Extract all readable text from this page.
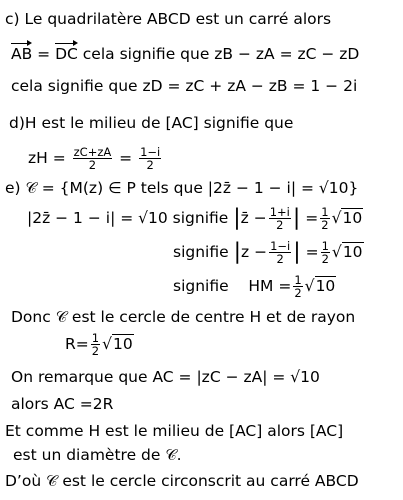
c) Le quadrilatère ABCD est un carré alors
AB = DC cela signifie que zB − zA = zC − zD
cela signifie que zD = zC + zA − zB = 1 − 2i
d)H est le milieu de [AC] signifie que
zH = $\frac{zC+zA}{2} = \frac{1-i}{2}$
e) 𝒞 = {M(z) ∈ P tels que |2z̄ − 1 − i| = √10}
|2z̄ − 1 − i| = √10 signifie |z̄ − $\frac{1+i}{2}$ | = $\frac{1}{2} √10$
signifie $|z - \frac{1-i}{2}$ | = $\frac{1}{2} √10$
signifie HM = $\frac{1}{2} √10$
Donc 𝒞 est le cercle de centre H et de rayon
$R= \frac{1}{2} √10$
On remarque que AC = |zC − zA| = √10
alors AC =2R
Et comme H est le milieu de [AC] alors [AC]
est un diamètre de 𝒞.
D’où 𝒞 est le cercle circonscrit au carré ABCD
